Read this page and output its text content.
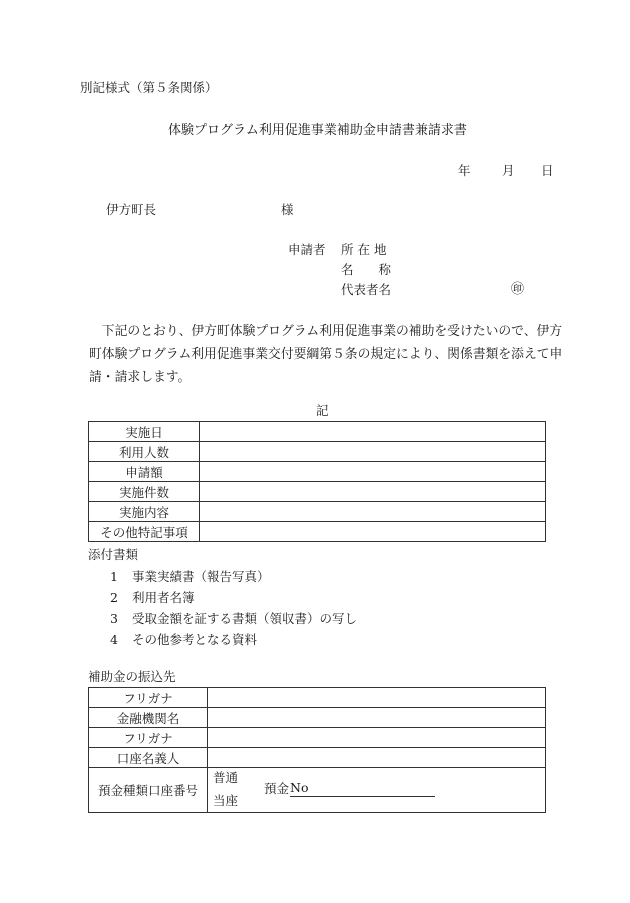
別記様式（第５条関係）
体験プログラム利用促進事業補助金申請書兼請求書
年	月 日
伊方町長	様
申請者 所 在 地
名　　称
代表者名	㊞
　下記のとおり、伊方町体験プログラム利用促進事業の補助を受けたいので、伊方町体験プログラム利用促進事業交付要綱第５条の規定により、関係書類を添えて申請・請求します。
記
実施日	
利用人数	
申請額	
実施件数	
実施内容	
その他特記事項	
添付書類
1 事業実績書（報告写真）
2 利用者名簿
3 受取金額を証する書類（領収書）の写し
4 その他参考となる資料
補助金の振込先
フリガナ	
金融機関名	
フリガナ	
口座名義人	
預金種類口座番号	普通
当座
預金 No
